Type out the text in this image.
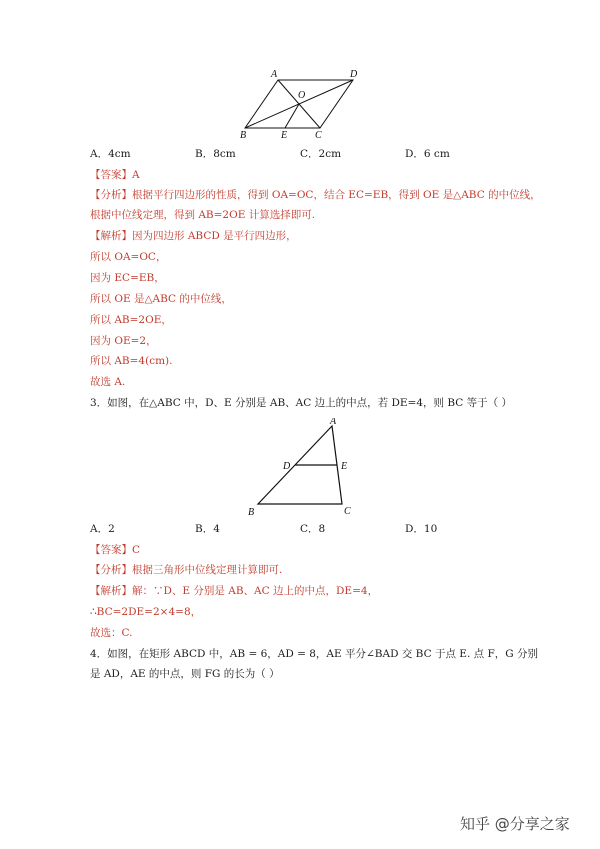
A	D
O
B	E	C
A．4cm	B．8cm	C．2cm	D．6 cm
【答案】A
【分析】根据平行四边形的性质，得到 OA=OC，结合 EC=EB，得到 OE 是△ABC 的中位线，
根据中位线定理，得到 AB=2OE 计算选择即可.
【解析】因为四边形 ABCD 是平行四边形，
所以 OA=OC，
因为 EC=EB，
所以 OE 是△ABC 的中位线，
所以 AB=2OE，
因为 OE=2，
所以 AB=4(cm).
故选 A.
3．如图，在△ABC 中，D、E 分别是 AB、AC 边上的中点，若 DE=4，则 BC 等于（ ）
A
D	E
B	C
A．2	B．4	C．8	D．10
【答案】C
【分析】根据三角形中位线定理计算即可.
【解析】解：∵D、E 分别是 AB、AC 边上的中点，DE=4，
∴BC=2DE=2×4=8，
故选：C.
4．如图，在矩形 ABCD 中，AB = 6，AD = 8，AE 平分∠BAD 交 BC 于点 E. 点 F，G 分别
是 AD，AE 的中点，则 FG 的长为（ ）
知乎 @分享之家
